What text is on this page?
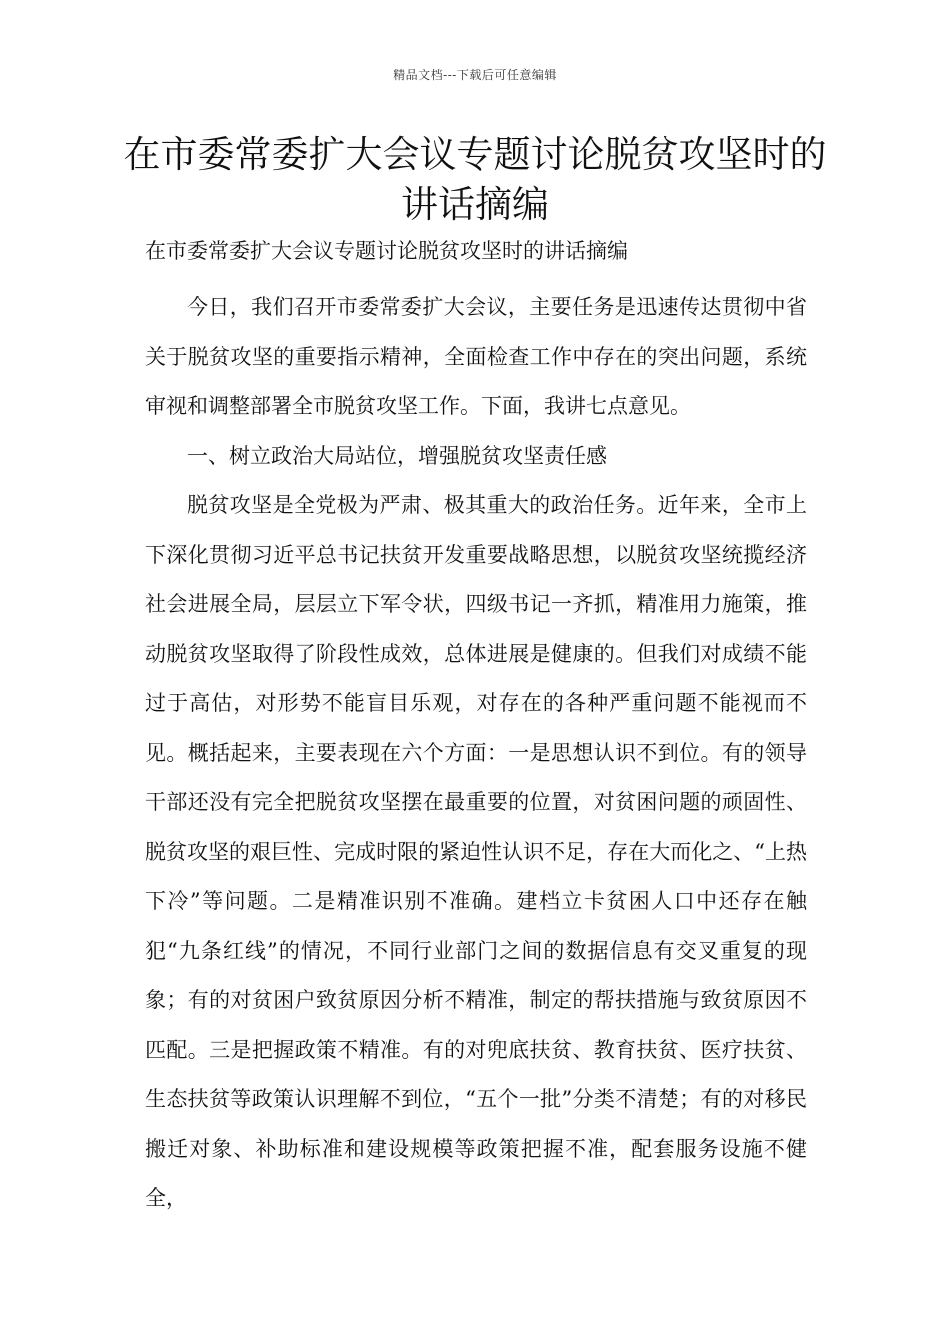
精品文档---下载后可任意编辑
在市委常委扩大会议专题讨论脱贫攻坚时的讲话摘编

在市委常委扩大会议专题讨论脱贫攻坚时的讲话摘编

今日，我们召开市委常委扩大会议，主要任务是迅速传达贯彻中省关于脱贫攻坚的重要指示精神，全面检查工作中存在的突出问题，系统审视和调整部署全市脱贫攻坚工作。下面，我讲七点意见。

一、树立政治大局站位，增强脱贫攻坚责任感

脱贫攻坚是全党极为严肃、极其重大的政治任务。近年来，全市上下深化贯彻习近平总书记扶贫开发重要战略思想，以脱贫攻坚统揽经济社会进展全局，层层立下军令状，四级书记一齐抓，精准用力施策，推动脱贫攻坚取得了阶段性成效，总体进展是健康的。但我们对成绩不能过于高估，对形势不能盲目乐观，对存在的各种严重问题不能视而不见。概括起来，主要表现在六个方面：一是思想认识不到位。有的领导干部还没有完全把脱贫攻坚摆在最重要的位置，对贫困问题的顽固性、脱贫攻坚的艰巨性、完成时限的紧迫性认识不足，存在大而化之、“上热下冷”等问题。二是精准识别不准确。建档立卡贫困人口中还存在触犯“九条红线”的情况，不同行业部门之间的数据信息有交叉重复的现象；有的对贫困户致贫原因分析不精准，制定的帮扶措施与致贫原因不匹配。三是把握政策不精准。有的对兜底扶贫、教育扶贫、医疗扶贫、生态扶贫等政策认识理解不到位，“五个一批”分类不清楚；有的对移民搬迁对象、补助标准和建设规模等政策把握不准，配套服务设施不健全，
